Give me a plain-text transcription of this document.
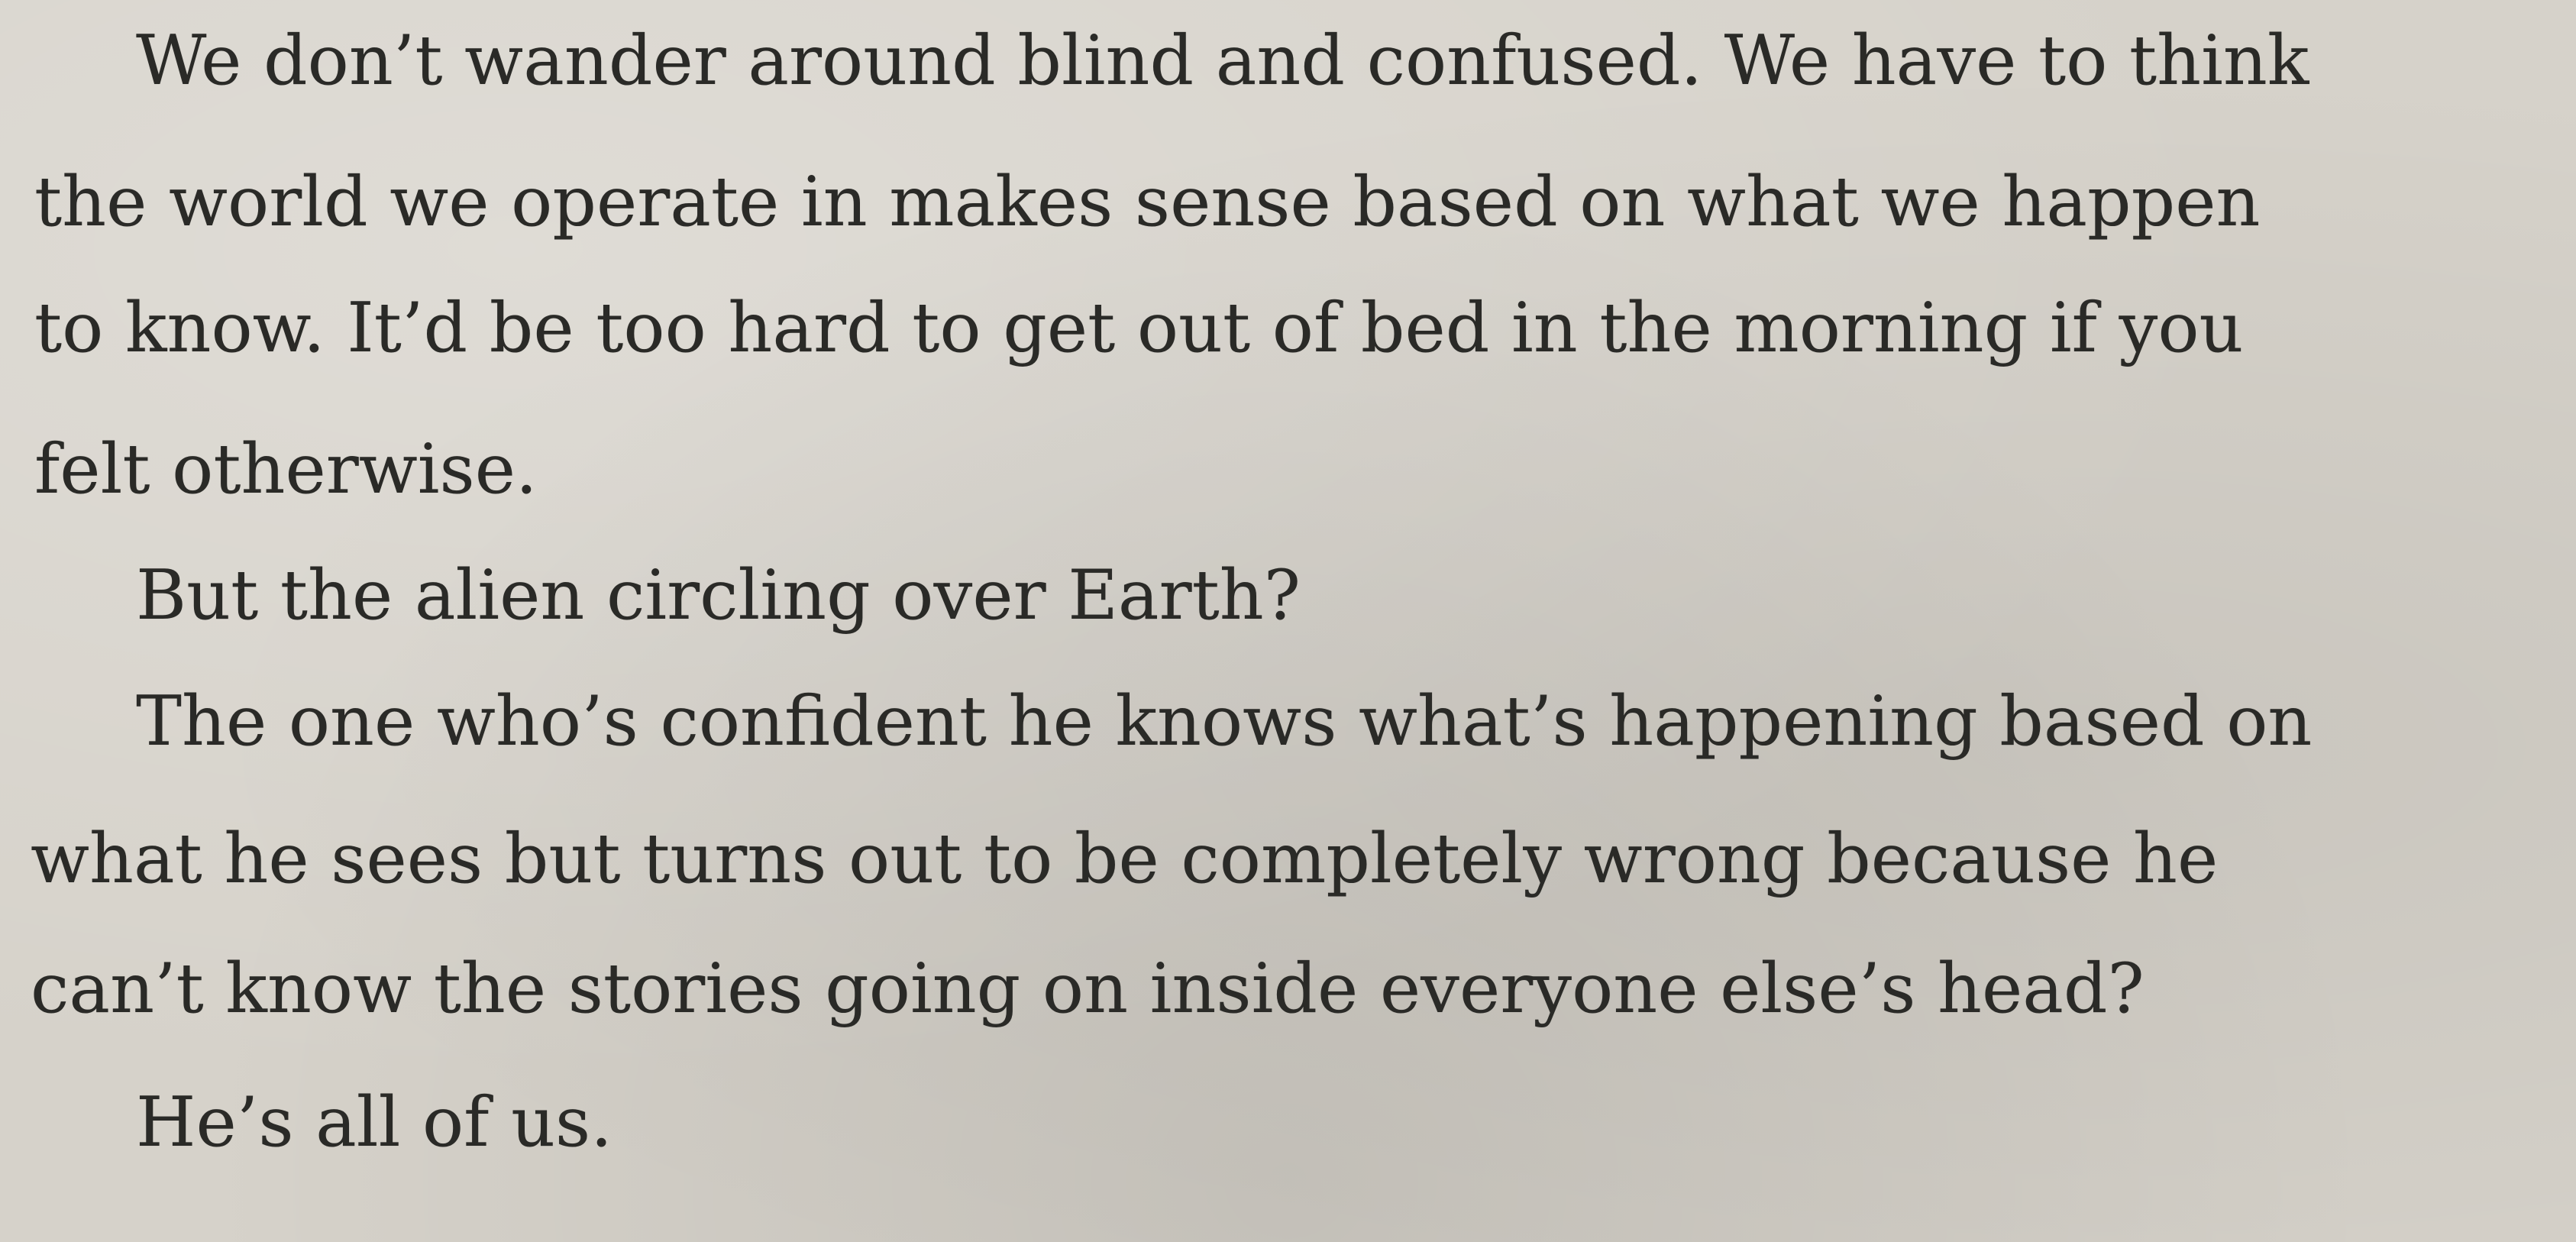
We don’t wander around blind and confused. We have to think
the world we operate in makes sense based on what we happen
to know. It’d be too hard to get out of bed in the morning if you
felt otherwise.
But the alien circling over Earth?
The one who’s confident he knows what’s happening based on
what he sees but turns out to be completely wrong because he
can’t know the stories going on inside everyone else’s head?
He’s all of us.
